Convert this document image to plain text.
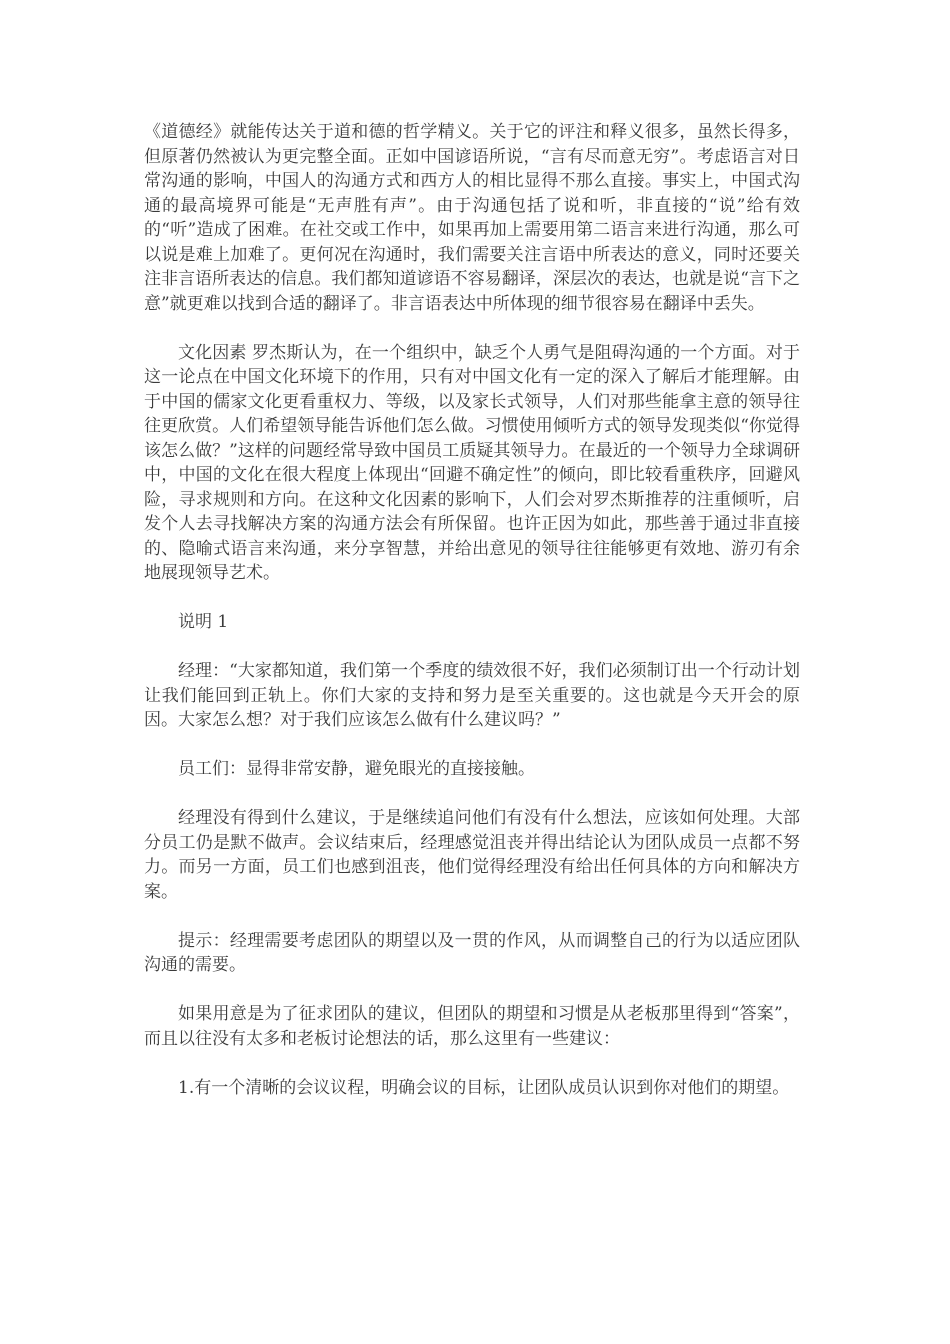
《道德经》就能传达关于道和德的哲学精义。关于它的评注和释义很多，虽然长得多，但原著仍然被认为更完整全面。正如中国谚语所说，“言有尽而意无穷”。考虑语言对日常沟通的影响，中国人的沟通方式和西方人的相比显得不那么直接。事实上，中国式沟通的最高境界可能是“无声胜有声”。由于沟通包括了说和听，非直接的“说”给有效的“听”造成了困难。在社交或工作中，如果再加上需要用第二语言来进行沟通，那么可以说是难上加难了。更何况在沟通时，我们需要关注言语中所表达的意义，同时还要关注非言语所表达的信息。我们都知道谚语不容易翻译，深层次的表达，也就是说“言下之意”就更难以找到合适的翻译了。非言语表达中所体现的细节很容易在翻译中丢失。

文化因素 罗杰斯认为，在一个组织中，缺乏个人勇气是阻碍沟通的一个方面。对于这一论点在中国文化环境下的作用，只有对中国文化有一定的深入了解后才能理解。由于中国的儒家文化更看重权力、等级，以及家长式领导，人们对那些能拿主意的领导往往更欣赏。人们希望领导能告诉他们怎么做。习惯使用倾听方式的领导发现类似“你觉得该怎么做？”这样的问题经常导致中国员工质疑其领导力。在最近的一个领导力全球调研中，中国的文化在很大程度上体现出“回避不确定性”的倾向，即比较看重秩序，回避风险，寻求规则和方向。在这种文化因素的影响下，人们会对罗杰斯推荐的注重倾听，启发个人去寻找解决方案的沟通方法会有所保留。也许正因为如此，那些善于通过非直接的、隐喻式语言来沟通，来分享智慧，并给出意见的领导往往能够更有效地、游刃有余地展现领导艺术。

说明 1

经理：“大家都知道，我们第一个季度的绩效很不好，我们必须制订出一个行动计划让我们能回到正轨上。你们大家的支持和努力是至关重要的。这也就是今天开会的原因。大家怎么想？对于我们应该怎么做有什么建议吗？”

员工们：显得非常安静，避免眼光的直接接触。

经理没有得到什么建议，于是继续追问他们有没有什么想法，应该如何处理。大部分员工仍是默不做声。会议结束后，经理感觉沮丧并得出结论认为团队成员一点都不努力。而另一方面，员工们也感到沮丧，他们觉得经理没有给出任何具体的方向和解决方案。

提示：经理需要考虑团队的期望以及一贯的作风，从而调整自己的行为以适应团队沟通的需要。

如果用意是为了征求团队的建议，但团队的期望和习惯是从老板那里得到“答案”，而且以往没有太多和老板讨论想法的话，那么这里有一些建议：

1.有一个清晰的会议议程，明确会议的目标，让团队成员认识到你对他们的期望。
